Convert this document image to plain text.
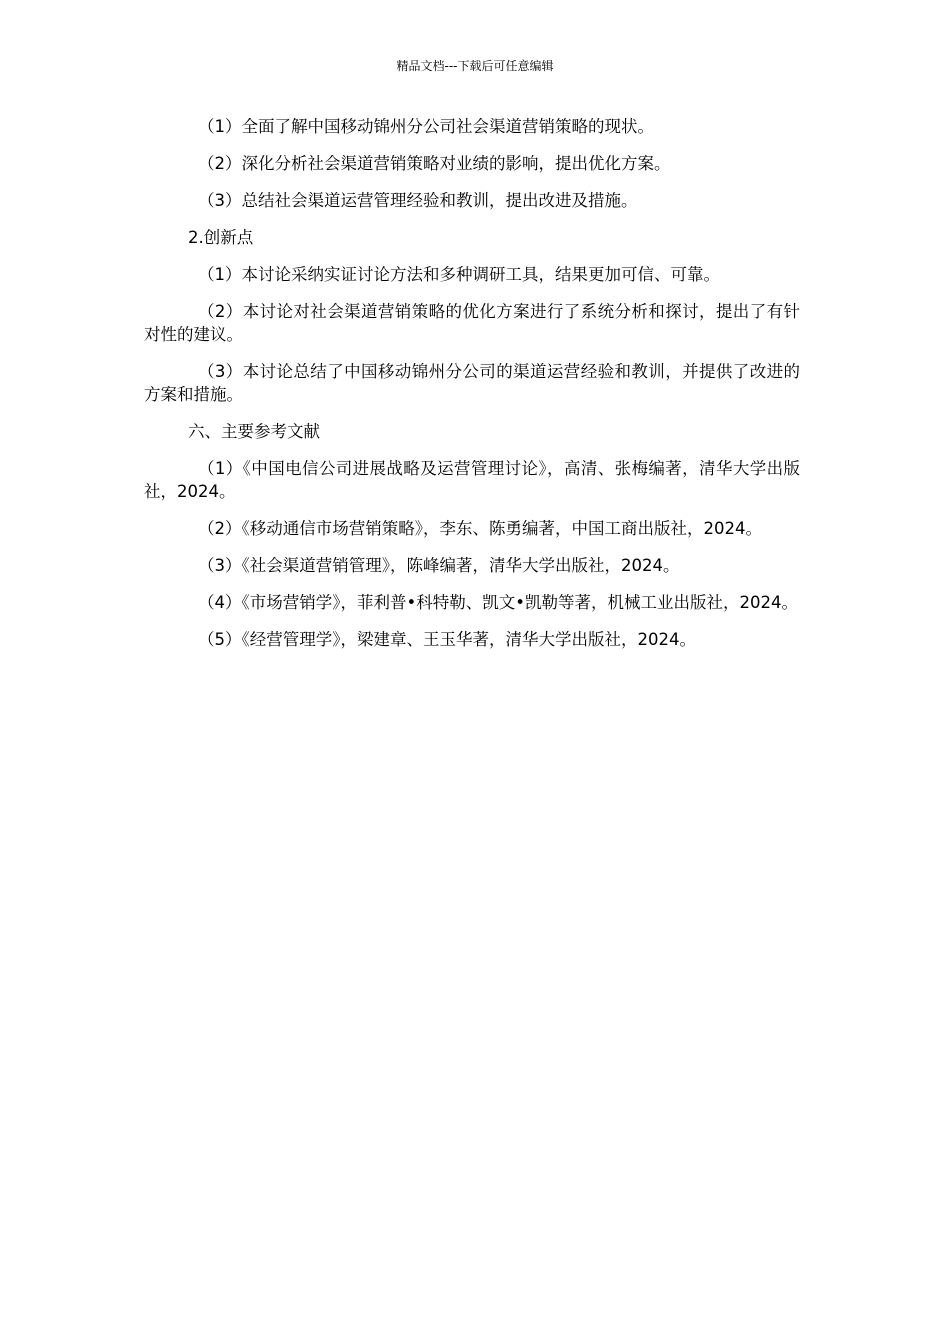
精品文档---下载后可任意编辑

（1）全面了解中国移动锦州分公司社会渠道营销策略的现状。

（2）深化分析社会渠道营销策略对业绩的影响，提出优化方案。

（3）总结社会渠道运营管理经验和教训，提出改进及措施。

2.创新点

（1）本讨论采纳实证讨论方法和多种调研工具，结果更加可信、可靠。

（2）本讨论对社会渠道营销策略的优化方案进行了系统分析和探讨，提出了有针对性的建议。

（3）本讨论总结了中国移动锦州分公司的渠道运营经验和教训，并提供了改进的方案和措施。

六、主要参考文献

（1）《中国电信公司进展战略及运营管理讨论》，高清、张梅编著，清华大学出版社，2024。

（2）《移动通信市场营销策略》，李东、陈勇编著，中国工商出版社，2024。

（3）《社会渠道营销管理》，陈峰编著，清华大学出版社，2024。

（4）《市场营销学》，菲利普•科特勒、凯文•凯勒等著，机械工业出版社，2024。

（5）《经营管理学》，梁建章、王玉华著，清华大学出版社，2024。
